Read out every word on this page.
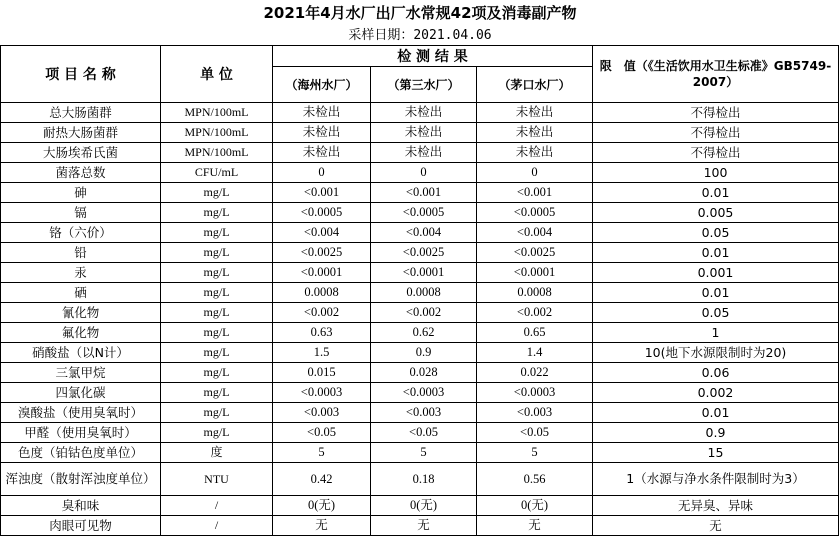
2021年4月水厂出厂水常规42项及消毒副产物
采样日期：2021.04.06
项 目 名 称	单 位	检 测 结 果			限　值（《生活饮用水卫生标准》GB5749-2007）
		（海州水厂）	（第三水厂）	（茅口水厂）	
总大肠菌群	MPN/100mL	未检出	未检出	未检出	不得检出
耐热大肠菌群	MPN/100mL	未检出	未检出	未检出	不得检出
大肠埃希氏菌	MPN/100mL	未检出	未检出	未检出	不得检出
菌落总数	CFU/mL	0	0	0	100
砷	mg/L	<0.001	<0.001	<0.001	0.01
镉	mg/L	<0.0005	<0.0005	<0.0005	0.005
铬（六价）	mg/L	<0.004	<0.004	<0.004	0.05
铅	mg/L	<0.0025	<0.0025	<0.0025	0.01
汞	mg/L	<0.0001	<0.0001	<0.0001	0.001
硒	mg/L	0.0008	0.0008	0.0008	0.01
氰化物	mg/L	<0.002	<0.002	<0.002	0.05
氟化物	mg/L	0.63	0.62	0.65	1
硝酸盐（以N计）	mg/L	1.5	0.9	1.4	10(地下水源限制时为20)
三氯甲烷	mg/L	0.015	0.028	0.022	0.06
四氯化碳	mg/L	<0.0003	<0.0003	<0.0003	0.002
溴酸盐（使用臭氧时）	mg/L	<0.003	<0.003	<0.003	0.01
甲醛（使用臭氧时）	mg/L	<0.05	<0.05	<0.05	0.9
色度（铂钴色度单位）	度	5	5	5	15
浑浊度（散射浑浊度单位）	NTU	0.42	0.18	0.56	1（水源与净水条件限制时为3）
臭和味	/	0(无)	0(无)	0(无)	无异臭、异味
肉眼可见物	/	无	无	无	无
